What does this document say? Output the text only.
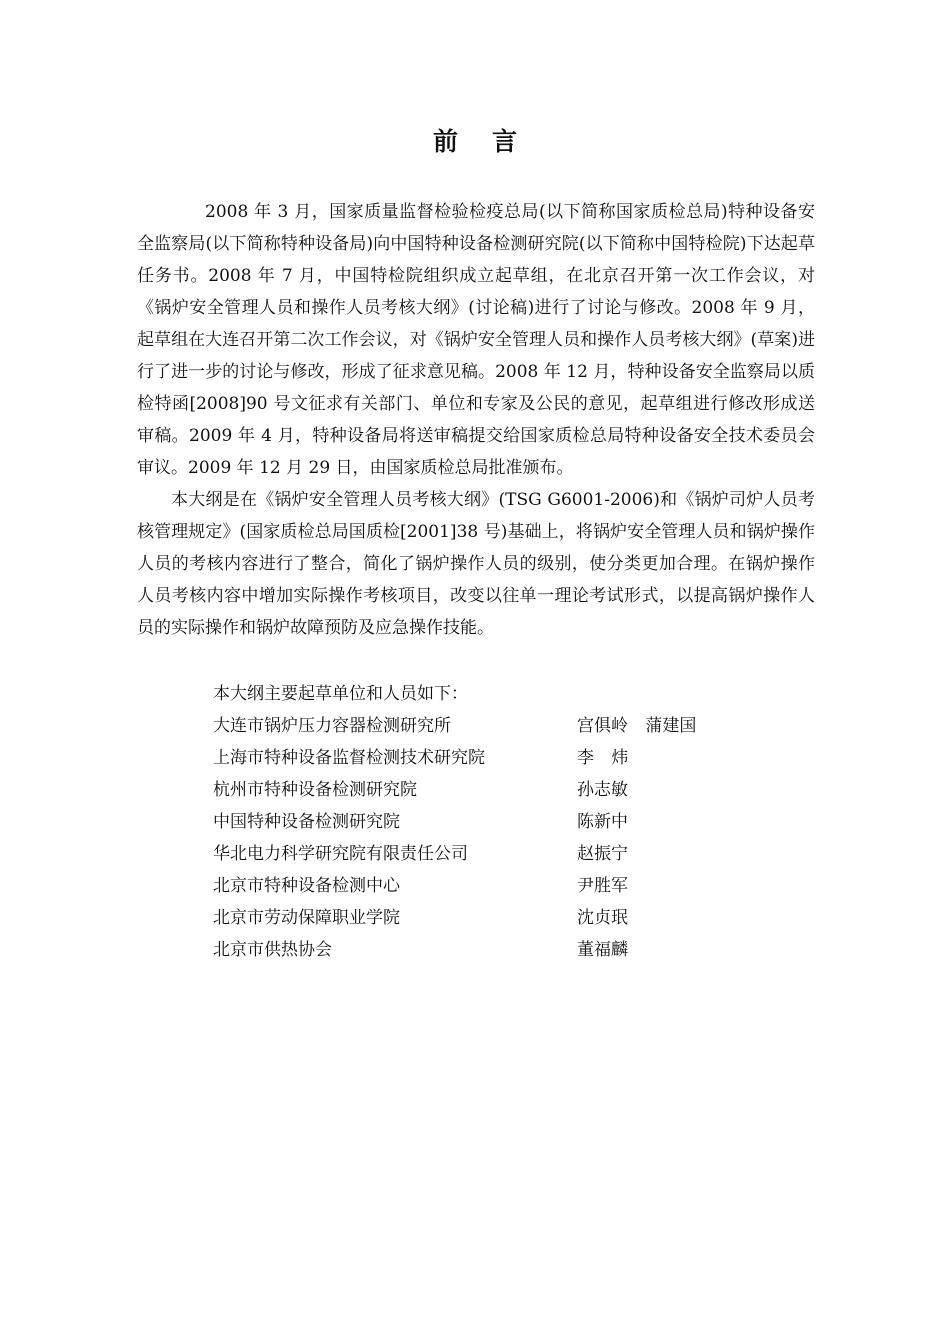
前 言

2008 年 3 月，国家质量监督检验检疫总局(以下简称国家质检总局)特种设备安全监察局(以下简称特种设备局)向中国特种设备检测研究院(以下简称中国特检院)下达起草任务书。2008 年 7 月，中国特检院组织成立起草组，在北京召开第一次工作会议，对《锅炉安全管理人员和操作人员考核大纲》(讨论稿)进行了讨论与修改。2008 年 9 月，起草组在大连召开第二次工作会议，对《锅炉安全管理人员和操作人员考核大纲》(草案)进行了进一步的讨论与修改，形成了征求意见稿。2008 年 12 月，特种设备安全监察局以质检特函[2008]90 号文征求有关部门、单位和专家及公民的意见，起草组进行修改形成送审稿。2009 年 4 月，特种设备局将送审稿提交给国家质检总局特种设备安全技术委员会审议。2009 年 12 月 29 日，由国家质检总局批准颁布。

本大纲是在《锅炉安全管理人员考核大纲》(TSG G6001-2006)和《锅炉司炉人员考核管理规定》(国家质检总局国质检[2001]38 号)基础上，将锅炉安全管理人员和锅炉操作人员的考核内容进行了整合，简化了锅炉操作人员的级别，使分类更加合理。在锅炉操作人员考核内容中增加实际操作考核项目，改变以往单一理论考试形式，以提高锅炉操作人员的实际操作和锅炉故障预防及应急操作技能。

本大纲主要起草单位和人员如下：

大连市锅炉压力容器检测研究所	宫俱岭 蒲建国
上海市特种设备监督检测技术研究院	李 炜
杭州市特种设备检测研究院	孙志敏
中国特种设备检测研究院	陈新中
华北电力科学研究院有限责任公司	赵振宁
北京市特种设备检测中心	尹胜军
北京市劳动保障职业学院	沈贞珉
北京市供热协会	董福麟
